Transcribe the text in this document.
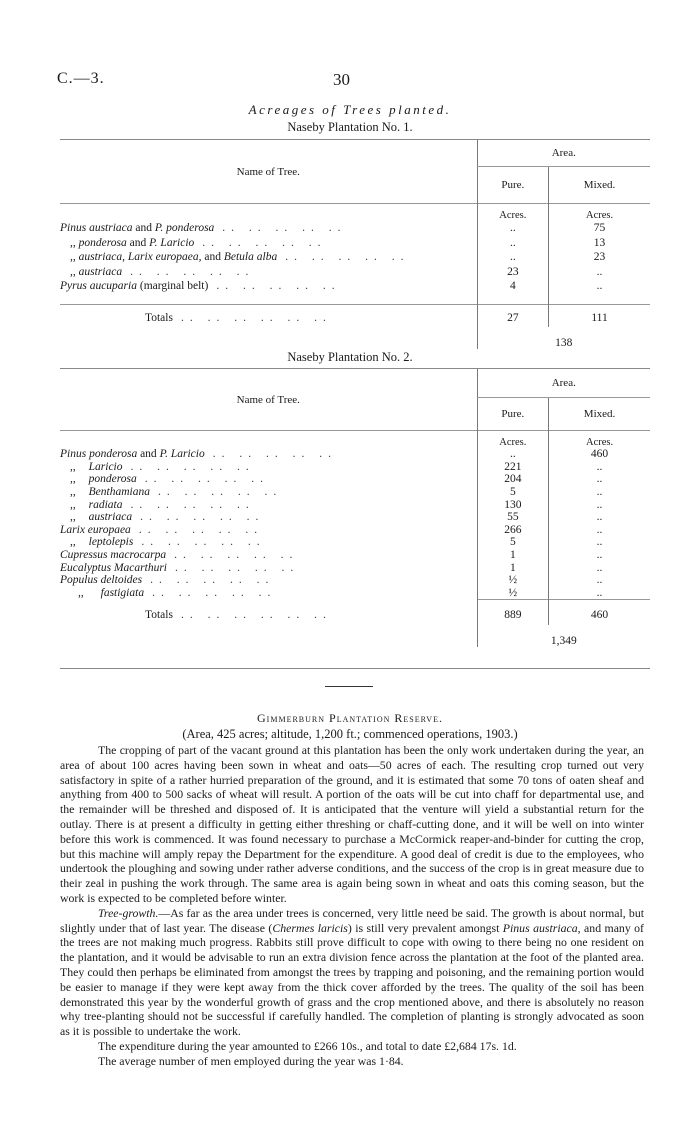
C.—3.	30
Acreages of Trees planted.
Naseby Plantation No. 1.
Name of Tree.	Area.	
	Pure.	Mixed.
	Acres.	Acres.
Pinus austriaca and P. ponderosa .. .. .. .. ..	..	75
,, ponderosa and P. Laricio .. .. .. .. ..	..	13
,, austriaca, Larix europaea, and Betula alba .. .. .. .. ..	..	23
,, austriaca .. .. .. .. ..	23	..
Pyrus aucuparia (marginal belt) .. .. .. .. ..	4	..

Totals .. .. .. .. .. ..	27	111
	138	
Naseby Plantation No. 2.
Name of Tree.	Area.	
	Pure.	Mixed.
	Acres.	Acres.
Pinus ponderosa and P. Laricio .. .. .. .. ..	..	460
,, Laricio .. .. .. .. ..	221	..
,, ponderosa .. .. .. .. ..	204	..
,, Benthamiana .. .. .. .. ..	5	..
,, radiata .. .. .. .. ..	130	..
,, austriaca .. .. .. .. ..	55	..
Larix europaea .. .. .. .. ..	266	..
,, leptolepis .. .. .. .. ..	5	..
Cupressus macrocarpa .. .. .. .. ..	1	..
Eucalyptus Macarthuri .. .. .. .. ..	1	..
Populus deltoides .. .. .. .. ..	½	..
,, fastigiata .. .. .. .. ..	½	..
Totals .. .. .. .. .. ..	889	460
	1,349	
Gimmerburn Plantation Reserve.
(Area, 425 acres; altitude, 1,200 ft.; commenced operations, 1903.)

The cropping of part of the vacant ground at this plantation has been the only work undertaken during the year, an area of about 100 acres having been sown in wheat and oats—50 acres of each. The resulting crop turned out very satisfactory in spite of a rather hurried preparation of the ground, and it is estimated that some 70 tons of oaten sheaf and anything from 400 to 500 sacks of wheat will result. A portion of the oats will be cut into chaff for departmental use, and the remainder will be threshed and disposed of. It is anticipated that the venture will yield a substantial return for the outlay. There is at present a difficulty in getting either threshing or chaff-cutting done, and it will be well on into winter before this work is commenced. It was found necessary to purchase a McCormick reaper-and-binder for cutting the crop, but this machine will amply repay the Department for the expenditure. A good deal of credit is due to the employees, who undertook the ploughing and sowing under rather adverse conditions, and the success of the crop is in great measure due to their zeal in pushing the work through. The same area is again being sown in wheat and oats this coming season, but the work is expected to be completed before winter.

Tree-growth.—As far as the area under trees is concerned, very little need be said. The growth is about normal, but slightly under that of last year. The disease (Chermes laricis) is still very prevalent amongst Pinus austriaca, and many of the trees are not making much progress. Rabbits still prove difficult to cope with owing to there being no one resident on the plantation, and it would be advisable to run an extra division fence across the plantation at the foot of the planted area. They could then perhaps be eliminated from amongst the trees by trapping and poisoning, and the remaining portion would be easier to manage if they were kept away from the thick cover afforded by the trees. The quality of the soil has been demonstrated this year by the wonderful growth of grass and the crop mentioned above, and there is absolutely no reason why tree-planting should not be successful if carefully handled. The completion of planting is strongly advocated as soon as it is possible to undertake the work.

The expenditure during the year amounted to £266 10s., and total to date £2,684 17s. 1d.

The average number of men employed during the year was 1·84.
